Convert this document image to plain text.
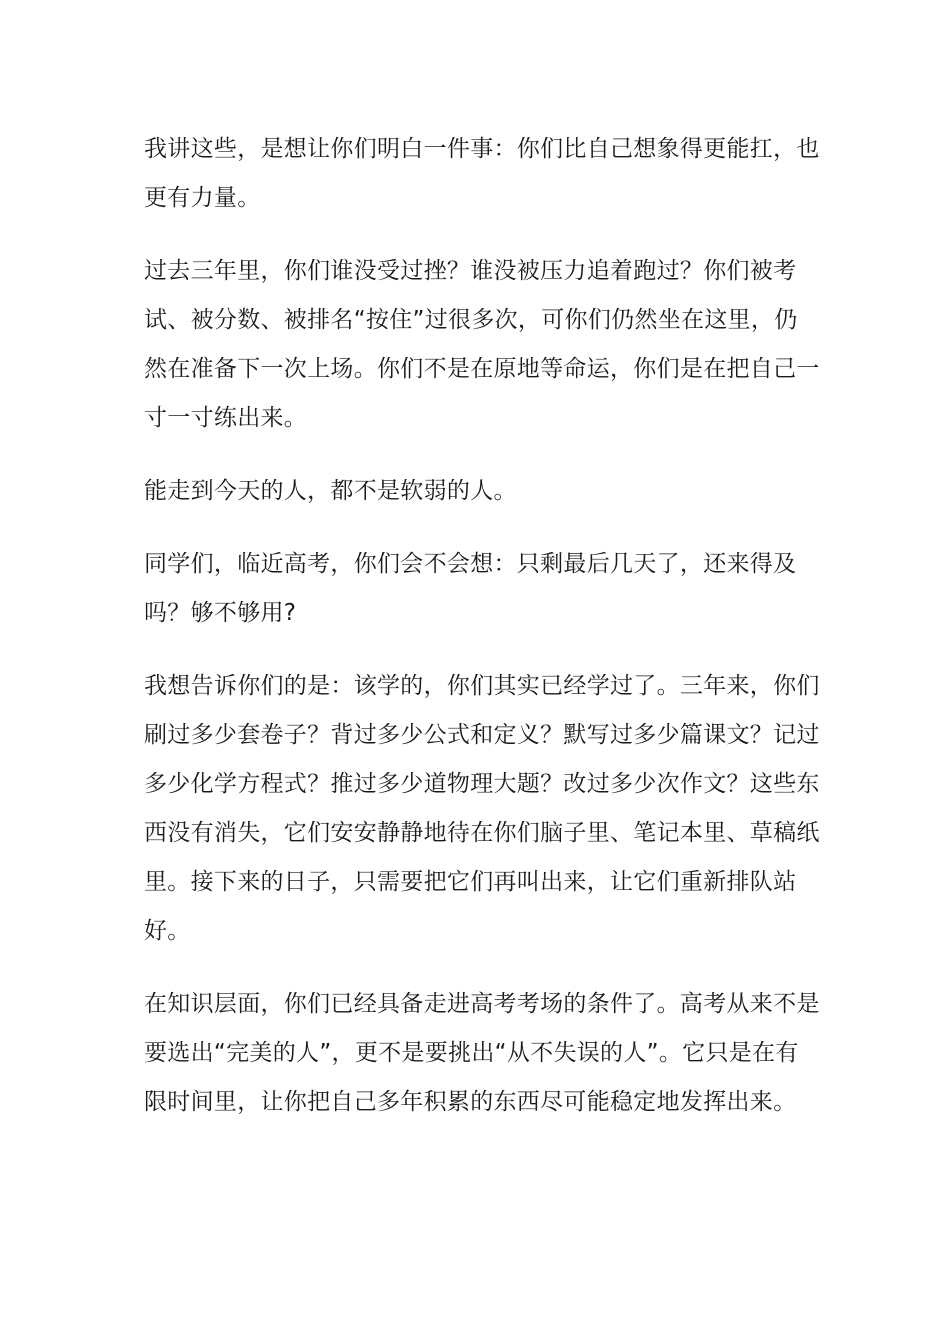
我讲这些，是想让你们明白一件事：你们比自己想象得更能扛，也更有力量。

过去三年里，你们谁没受过挫？谁没被压力追着跑过？你们被考试、被分数、被排名“按住”过很多次，可你们仍然坐在这里，仍然在准备下一次上场。你们不是在原地等命运，你们是在把自己一寸一寸练出来。

能走到今天的人，都不是软弱的人。

同学们，临近高考，你们会不会想：只剩最后几天了，还来得及吗？够不够用?

我想告诉你们的是：该学的，你们其实已经学过了。三年来，你们刷过多少套卷子？背过多少公式和定义？默写过多少篇课文？记过多少化学方程式？推过多少道物理大题？改过多少次作文？这些东西没有消失，它们安安静静地待在你们脑子里、笔记本里、草稿纸里。接下来的日子，只需要把它们再叫出来，让它们重新排队站好。

在知识层面，你们已经具备走进高考考场的条件了。高考从来不是要选出“完美的人”，更不是要挑出“从不失误的人”。它只是在有限时间里，让你把自己多年积累的东西尽可能稳定地发挥出来。
